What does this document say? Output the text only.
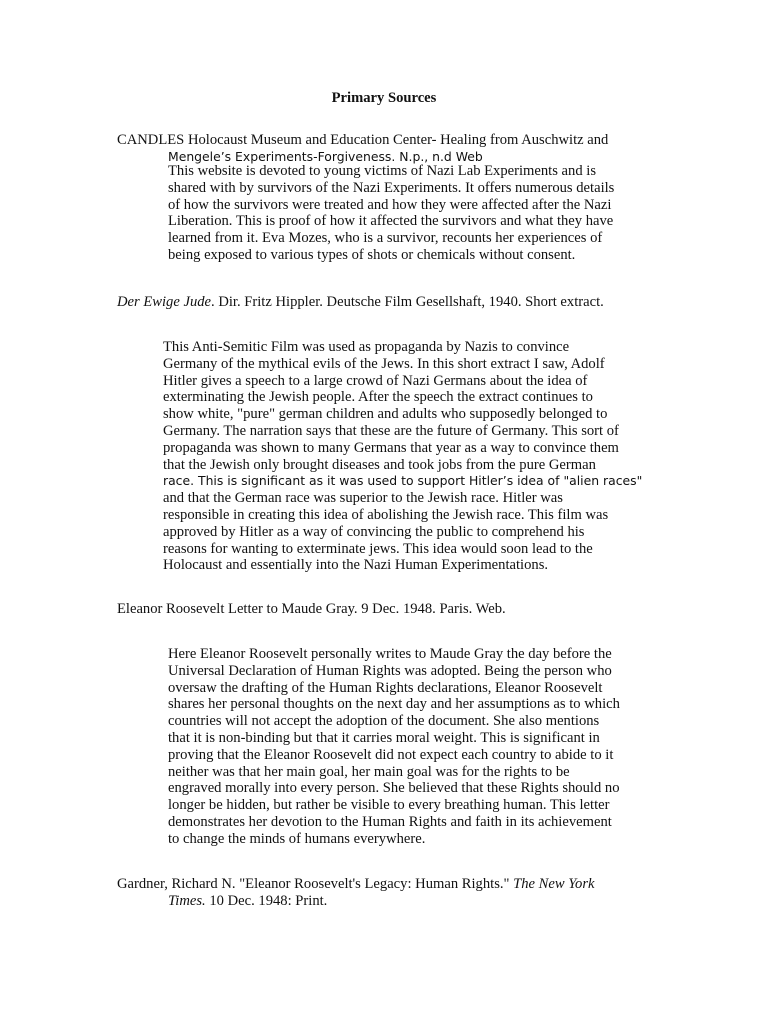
Primary Sources

CANDLES Holocaust Museum and Education Center- Healing from Auschwitz and
Mengele’s Experiments-Forgiveness. N.p., n.d Web

This website is devoted to young victims of Nazi Lab Experiments and is
shared with by survivors of the Nazi Experiments. It offers numerous details
of how the survivors were treated and how they were affected after the Nazi
Liberation. This is proof of how it affected the survivors and what they have
learned from it. Eva Mozes, who is a survivor, recounts her experiences of
being exposed to various types of shots or chemicals without consent.

Der Ewige Jude. Dir. Fritz Hippler. Deutsche Film Gesellshaft, 1940. Short extract.

This Anti-Semitic Film was used as propaganda by Nazis to convince
Germany of the mythical evils of the Jews. In this short extract I saw, Adolf
Hitler gives a speech to a large crowd of Nazi Germans about the idea of
exterminating the Jewish people. After the speech the extract continues to
show white, "pure" german children and adults who supposedly belonged to
Germany. The narration says that these are the future of Germany. This sort of
propaganda was shown to many Germans that year as a way to convince them
that the Jewish only brought diseases and took jobs from the pure German
race. This is significant as it was used to support Hitler’s idea of "alien races"
and that the German race was superior to the Jewish race. Hitler was
responsible in creating this idea of abolishing the Jewish race. This film was
approved by Hitler as a way of convincing the public to comprehend his
reasons for wanting to exterminate jews. This idea would soon lead to the
Holocaust and essentially into the Nazi Human Experimentations.

Eleanor Roosevelt Letter to Maude Gray. 9 Dec. 1948. Paris. Web.

Here Eleanor Roosevelt personally writes to Maude Gray the day before the
Universal Declaration of Human Rights was adopted. Being the person who
oversaw the drafting of the Human Rights declarations, Eleanor Roosevelt
shares her personal thoughts on the next day and her assumptions as to which
countries will not accept the adoption of the document. She also mentions
that it is non-binding but that it carries moral weight. This is significant in
proving that the Eleanor Roosevelt did not expect each country to abide to it
neither was that her main goal, her main goal was for the rights to be
engraved morally into every person. She believed that these Rights should no
longer be hidden, but rather be visible to every breathing human. This letter
demonstrates her devotion to the Human Rights and faith in its achievement
to change the minds of humans everywhere.

Gardner, Richard N. "Eleanor Roosevelt's Legacy: Human Rights." The New York
Times. 10 Dec. 1948: Print.
